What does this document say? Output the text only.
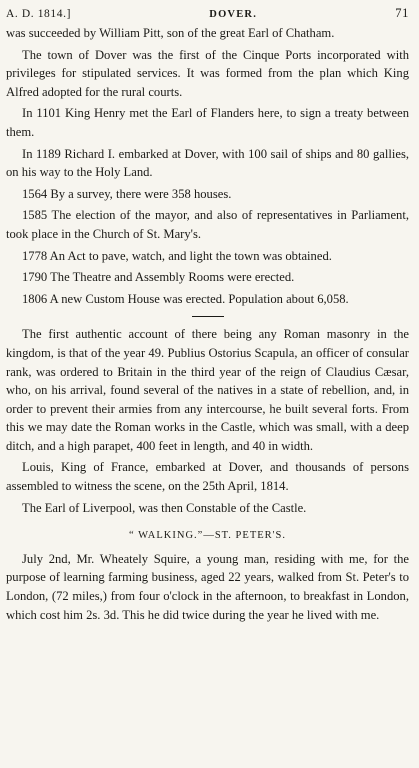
A. D. 1814.]	DOVER.	71

was succeeded by William Pitt, son of the great Earl of Chatham.

The town of Dover was the first of the Cinque Ports incorporated with privileges for stipulated services. It was formed from the plan which King Alfred adopted for the rural courts.

In 1101 King Henry met the Earl of Flanders here, to sign a treaty between them.

In 1189 Richard I. embarked at Dover, with 100 sail of ships and 80 gallies, on his way to the Holy Land.

1564 By a survey, there were 358 houses.

1585 The election of the mayor, and also of representatives in Parliament, took place in the Church of St. Mary's.

1778 An Act to pave, watch, and light the town was obtained.

1790 The Theatre and Assembly Rooms were erected.

1806 A new Custom House was erected. Population about 6,058.

The first authentic account of there being any Roman masonry in the kingdom, is that of the year 49. Publius Ostorius Scapula, an officer of consular rank, was ordered to Britain in the third year of the reign of Claudius Cæsar, who, on his arrival, found several of the natives in a state of rebellion, and, in order to prevent their armies from any intercourse, he built several forts. From this we may date the Roman works in the Castle, which was small, with a deep ditch, and a high parapet, 400 feet in length, and 40 in width.

Louis, King of France, embarked at Dover, and thousands of persons assembled to witness the scene, on the 25th April, 1814.

The Earl of Liverpool, was then Constable of the Castle.

“ WALKING.”—ST. PETER'S.

July 2nd, Mr. Wheately Squire, a young man, residing with me, for the purpose of learning farming business, aged 22 years, walked from St. Peter's to London, (72 miles,) from four o'clock in the afternoon, to breakfast in London, which cost him 2s. 3d. This he did twice during the year he lived with me.
